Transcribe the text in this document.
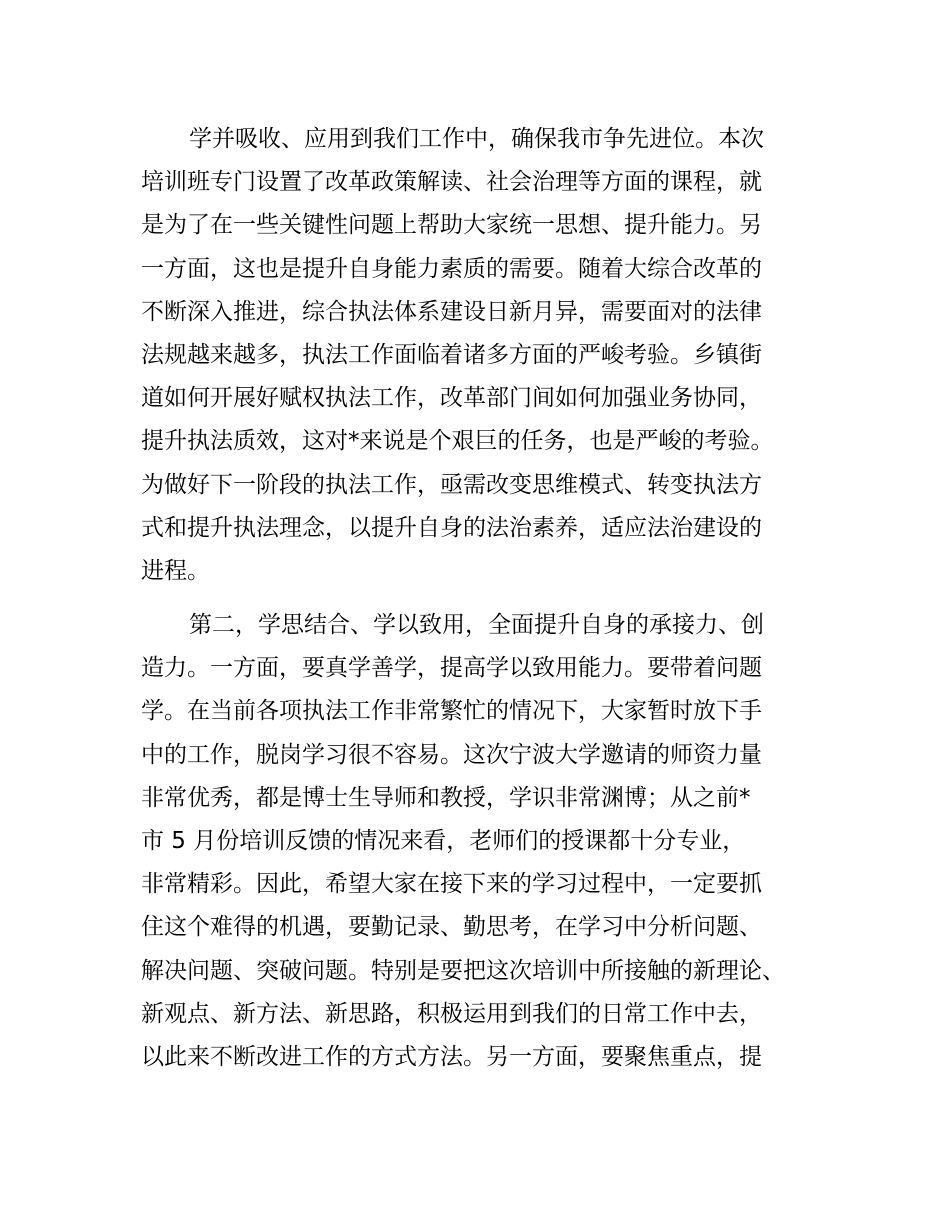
学并吸收、应用到我们工作中，确保我市争先进位。本次
培训班专门设置了改革政策解读、社会治理等方面的课程，就
是为了在一些关键性问题上帮助大家统一思想、提升能力。另
一方面，这也是提升自身能力素质的需要。随着大综合改革的
不断深入推进，综合执法体系建设日新月异，需要面对的法律
法规越来越多，执法工作面临着诸多方面的严峻考验。乡镇街
道如何开展好赋权执法工作，改革部门间如何加强业务协同，
提升执法质效，这对*来说是个艰巨的任务，也是严峻的考验。
为做好下一阶段的执法工作，亟需改变思维模式、转变执法方
式和提升执法理念，以提升自身的法治素养，适应法治建设的
进程。
第二，学思结合、学以致用，全面提升自身的承接力、创
造力。一方面，要真学善学，提高学以致用能力。要带着问题
学。在当前各项执法工作非常繁忙的情况下，大家暂时放下手
中的工作，脱岗学习很不容易。这次宁波大学邀请的师资力量
非常优秀，都是博士生导师和教授，学识非常渊博；从之前*
市 5 月份培训反馈的情况来看，老师们的授课都十分专业，
非常精彩。因此，希望大家在接下来的学习过程中，一定要抓
住这个难得的机遇，要勤记录、勤思考，在学习中分析问题、
解决问题、突破问题。特别是要把这次培训中所接触的新理论、
新观点、新方法、新思路，积极运用到我们的日常工作中去，
以此来不断改进工作的方式方法。另一方面，要聚焦重点，提
